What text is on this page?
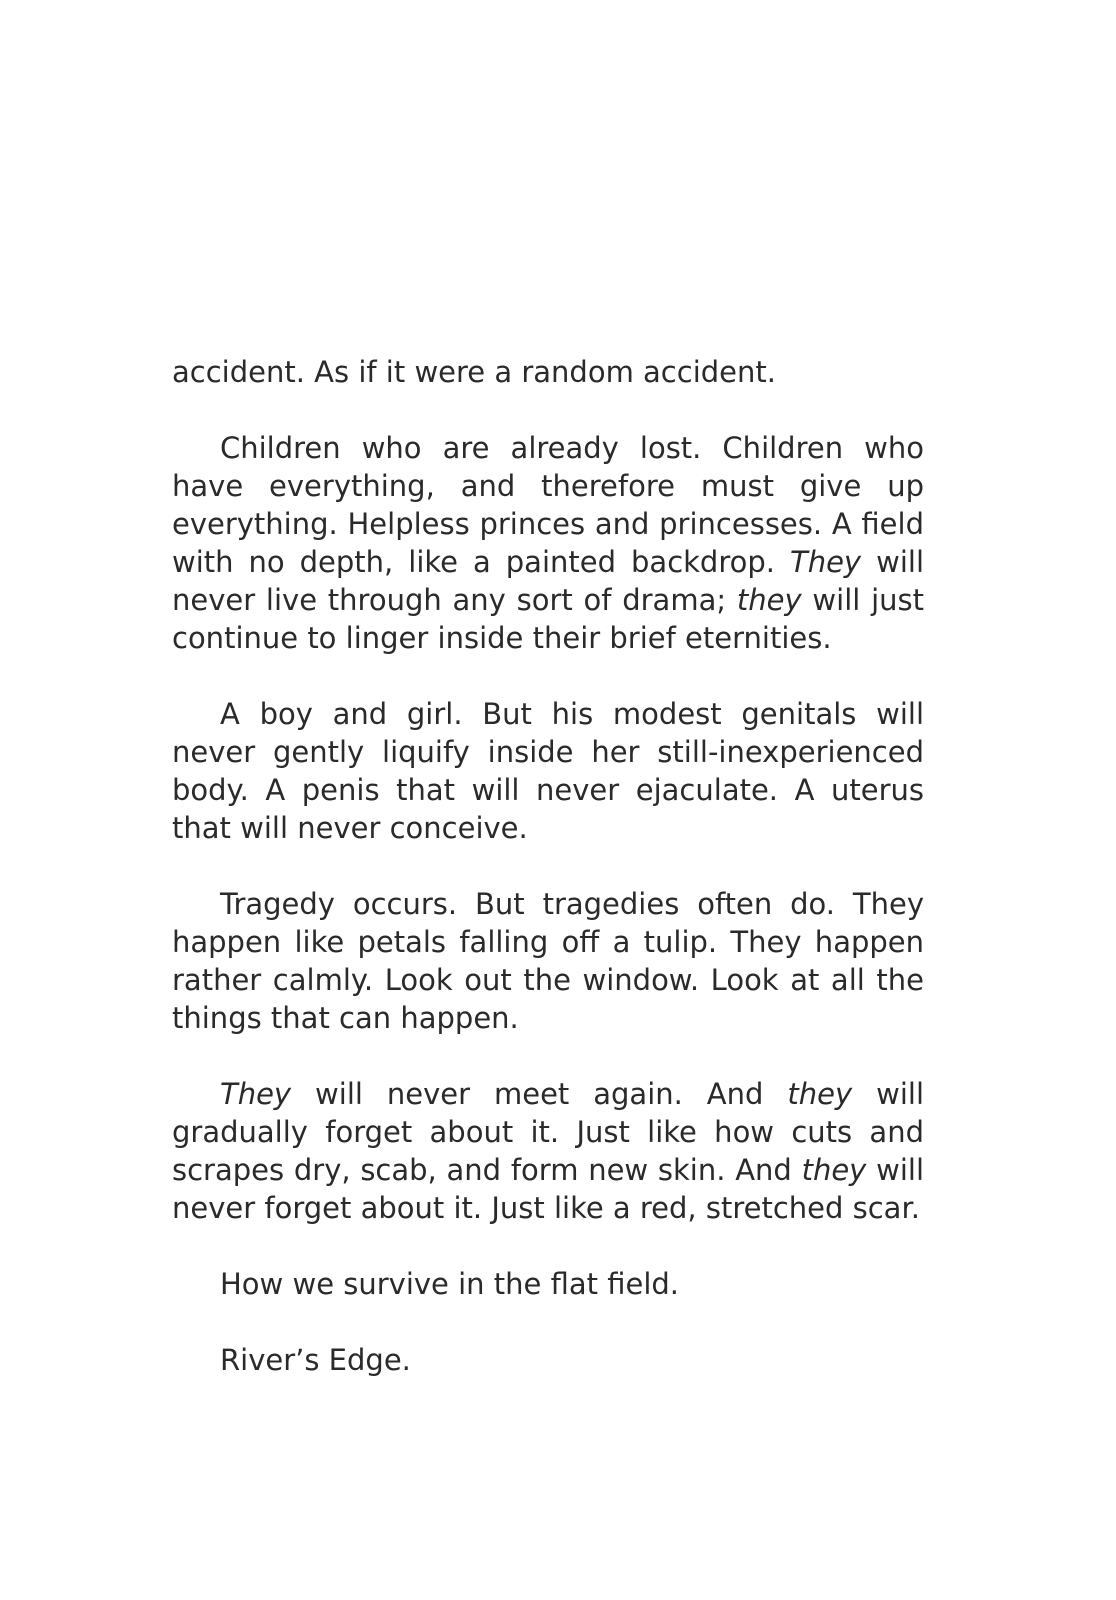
accident. As if it were a random accident.

Children who are already lost. Children who have everything, and therefore must give up everything. Helpless princes and princesses. A field with no depth, like a painted backdrop. They will never live through any sort of drama; they will just continue to linger inside their brief eternities.

A boy and girl. But his modest genitals will never gently liquify inside her still-inexperienced body. A penis that will never ejaculate. A uterus that will never conceive.

Tragedy occurs. But tragedies often do. They happen like petals falling off a tulip. They happen rather calmly. Look out the window. Look at all the things that can happen.

They will never meet again. And they will gradually forget about it. Just like how cuts and scrapes dry, scab, and form new skin. And they will never forget about it. Just like a red, stretched scar.

How we survive in the flat field.

River’s Edge.
